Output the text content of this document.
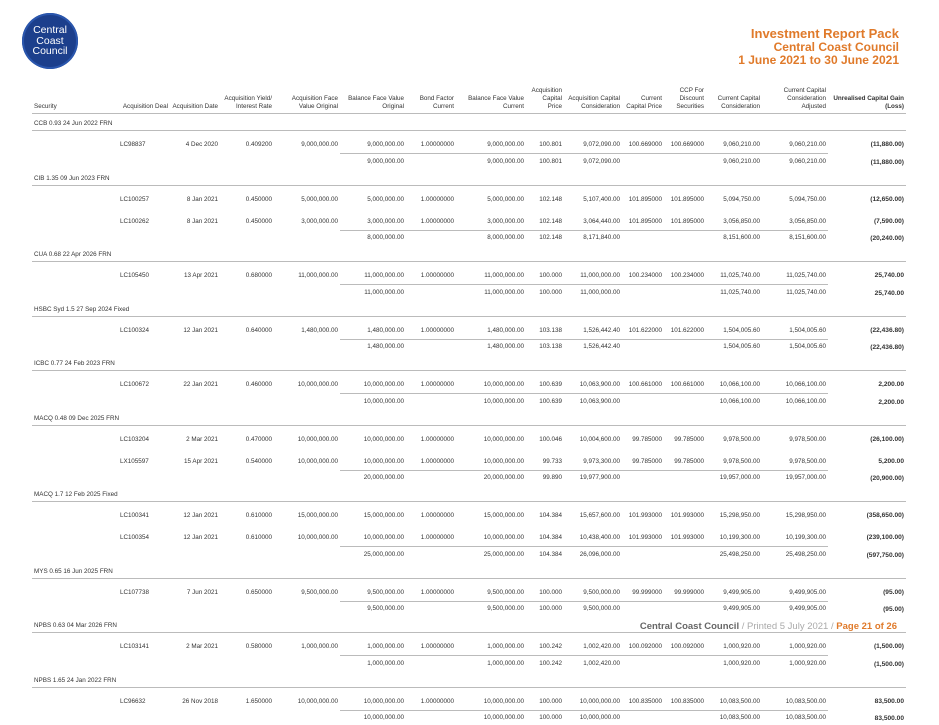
Central
Coast
Council
Investment Report Pack
Central Coast Council
1 June 2021 to 30 June 2021
Security	Acquisition Deal	Acquisition Date	Acquisition Yield/ Interest Rate	Acquisition Face Value Original	Balance Face Value Original	Bond Factor Current	Balance Face Value Current	Acquisition Capital Price	Acquisition Capital Consideration	Current Capital Price	CCP For Discount Securities	Current Capital Consideration	Current Capital Consideration Adjusted	Unrealised Capital Gain (Loss)
CCB 0.93 24 Jun 2022 FRN														
	LC98837	4 Dec 2020	0.409200	9,000,000.00	9,000,000.00	1.00000000	9,000,000.00	100.801	9,072,090.00	100.669000	100.669000	9,060,210.00	9,060,210.00	(11,880.00)
					9,000,000.00		9,000,000.00	100.801	9,072,090.00			9,060,210.00	9,060,210.00	(11,880.00)
CIB 1.35 09 Jun 2023 FRN														
	LC100257	8 Jan 2021	0.450000	5,000,000.00	5,000,000.00	1.00000000	5,000,000.00	102.148	5,107,400.00	101.895000	101.895000	5,094,750.00	5,094,750.00	(12,650.00)
	LC100262	8 Jan 2021	0.450000	3,000,000.00	3,000,000.00	1.00000000	3,000,000.00	102.148	3,064,440.00	101.895000	101.895000	3,056,850.00	3,056,850.00	(7,590.00)
					8,000,000.00		8,000,000.00	102.148	8,171,840.00			8,151,600.00	8,151,600.00	(20,240.00)
CUA 0.68 22 Apr 2026 FRN														
	LC105450	13 Apr 2021	0.680000	11,000,000.00	11,000,000.00	1.00000000	11,000,000.00	100.000	11,000,000.00	100.234000	100.234000	11,025,740.00	11,025,740.00	25,740.00
					11,000,000.00		11,000,000.00	100.000	11,000,000.00			11,025,740.00	11,025,740.00	25,740.00
HSBC Syd 1.5 27 Sep 2024 Fixed														
	LC100324	12 Jan 2021	0.640000	1,480,000.00	1,480,000.00	1.00000000	1,480,000.00	103.138	1,526,442.40	101.622000	101.622000	1,504,005.60	1,504,005.60	(22,436.80)
					1,480,000.00		1,480,000.00	103.138	1,526,442.40			1,504,005.60	1,504,005.60	(22,436.80)
ICBC 0.77 24 Feb 2023 FRN														
	LC100672	22 Jan 2021	0.460000	10,000,000.00	10,000,000.00	1.00000000	10,000,000.00	100.639	10,063,900.00	100.661000	100.661000	10,066,100.00	10,066,100.00	2,200.00
					10,000,000.00		10,000,000.00	100.639	10,063,900.00			10,066,100.00	10,066,100.00	2,200.00
MACQ 0.48 09 Dec 2025 FRN														
	LC103204	2 Mar 2021	0.470000	10,000,000.00	10,000,000.00	1.00000000	10,000,000.00	100.046	10,004,600.00	99.785000	99.785000	9,978,500.00	9,978,500.00	(26,100.00)
	LX105597	15 Apr 2021	0.540000	10,000,000.00	10,000,000.00	1.00000000	10,000,000.00	99.733	9,973,300.00	99.785000	99.785000	9,978,500.00	9,978,500.00	5,200.00
					20,000,000.00		20,000,000.00	99.890	19,977,900.00			19,957,000.00	19,957,000.00	(20,900.00)
MACQ 1.7 12 Feb 2025 Fixed														
	LC100341	12 Jan 2021	0.610000	15,000,000.00	15,000,000.00	1.00000000	15,000,000.00	104.384	15,657,600.00	101.993000	101.993000	15,298,950.00	15,298,950.00	(358,650.00)
	LC100354	12 Jan 2021	0.610000	10,000,000.00	10,000,000.00	1.00000000	10,000,000.00	104.384	10,438,400.00	101.993000	101.993000	10,199,300.00	10,199,300.00	(239,100.00)
					25,000,000.00		25,000,000.00	104.384	26,096,000.00			25,498,250.00	25,498,250.00	(597,750.00)
MYS 0.65 16 Jun 2025 FRN														
	LC107738	7 Jun 2021	0.650000	9,500,000.00	9,500,000.00	1.00000000	9,500,000.00	100.000	9,500,000.00	99.999000	99.999000	9,499,905.00	9,499,905.00	(95.00)
					9,500,000.00		9,500,000.00	100.000	9,500,000.00			9,499,905.00	9,499,905.00	(95.00)
NPBS 0.63 04 Mar 2026 FRN														
	LC103141	2 Mar 2021	0.580000	1,000,000.00	1,000,000.00	1.00000000	1,000,000.00	100.242	1,002,420.00	100.092000	100.092000	1,000,920.00	1,000,920.00	(1,500.00)
					1,000,000.00		1,000,000.00	100.242	1,002,420.00			1,000,920.00	1,000,920.00	(1,500.00)
NPBS 1.65 24 Jan 2022 FRN														
	LC96632	26 Nov 2018	1.650000	10,000,000.00	10,000,000.00	1.00000000	10,000,000.00	100.000	10,000,000.00	100.835000	100.835000	10,083,500.00	10,083,500.00	83,500.00
					10,000,000.00		10,000,000.00	100.000	10,000,000.00			10,083,500.00	10,083,500.00	83,500.00
Central Coast Council / Printed 5 July 2021 / Page 21 of 26
